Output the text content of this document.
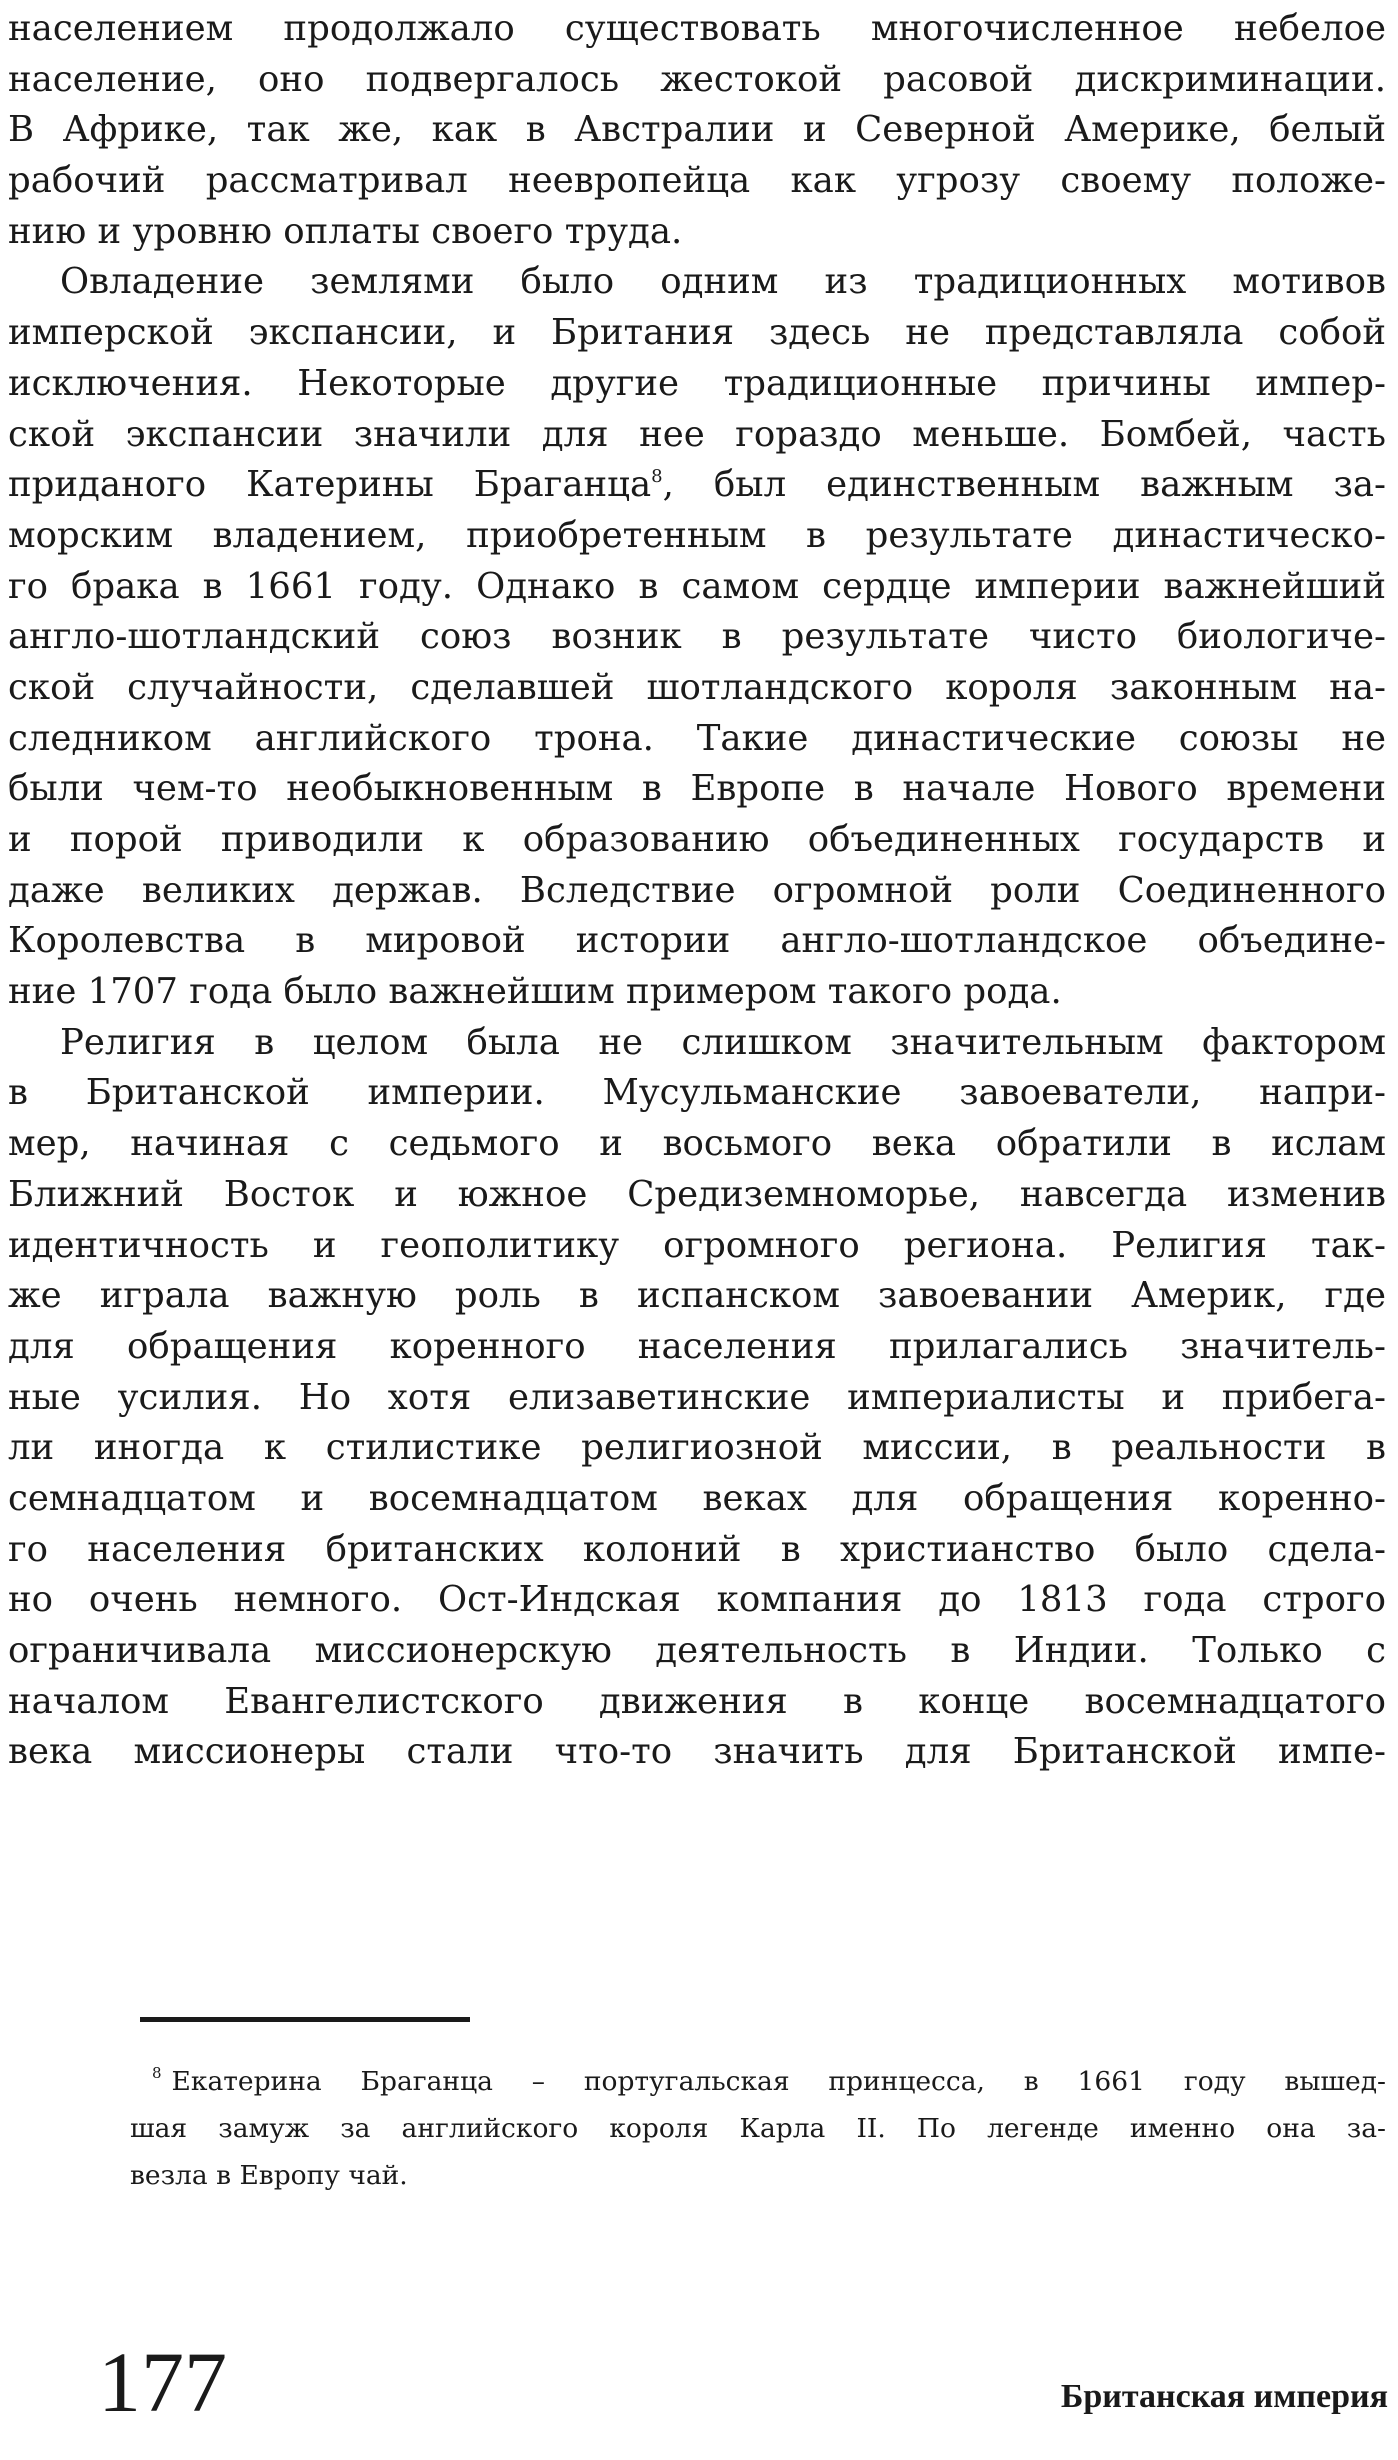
населением продолжало существовать многочисленное небелое
население, оно подвергалось жестокой расовой дискриминации.
В Африке, так же, как в Австралии и Северной Америке, белый
рабочий рассматривал неевропейца как угрозу своему положе-
нию и уровню оплаты своего труда.
Овладение землями было одним из традиционных мотивов
имперской экспансии, и Британия здесь не представляла собой
исключения. Некоторые другие традиционные причины импер-
ской экспансии значили для нее гораздо меньше. Бомбей, часть
приданого Катерины Браганца$^8$, был единственным важным за-
морским владением, приобретенным в результате династическо-
го брака в 1661 году. Однако в самом сердце империи важнейший
англо-шотландский союз возник в результате чисто биологиче-
ской случайности, сделавшей шотландского короля законным на-
следником английского трона. Такие династические союзы не
были чем-то необыкновенным в Европе в начале Нового времени
и порой приводили к образованию объединенных государств и
даже великих держав. Вследствие огромной роли Соединенного
Королевства в мировой истории англо-шотландское объедине-
ние 1707 года было важнейшим примером такого рода.
Религия в целом была не слишком значительным фактором
в Британской империи. Мусульманские завоеватели, напри-
мер, начиная с седьмого и восьмого века обратили в ислам
Ближний Восток и южное Средиземноморье, навсегда изменив
идентичность и геополитику огромного региона. Религия так-
же играла важную роль в испанском завоевании Америк, где
для обращения коренного населения прилагались значитель-
ные усилия. Но хотя елизаветинские империалисты и прибега-
ли иногда к стилистике религиозной миссии, в реальности в
семнадцатом и восемнадцатом веках для обращения коренно-
го населения британских колоний в христианство было сдела-
но очень немного. Ост-Индская компания до 1813 года строго
ограничивала миссионерскую деятельность в Индии. Только с
началом Евангелистского движения в конце восемнадцатого
века миссионеры стали что-то значить для Британской импе-
$^8$ Екатерина Браганца – португальская принцесса, в 1661 году вышед-
шая замуж за английского короля Карла II. По легенде именно она за-
везла в Европу чай.
177	Британская империя
